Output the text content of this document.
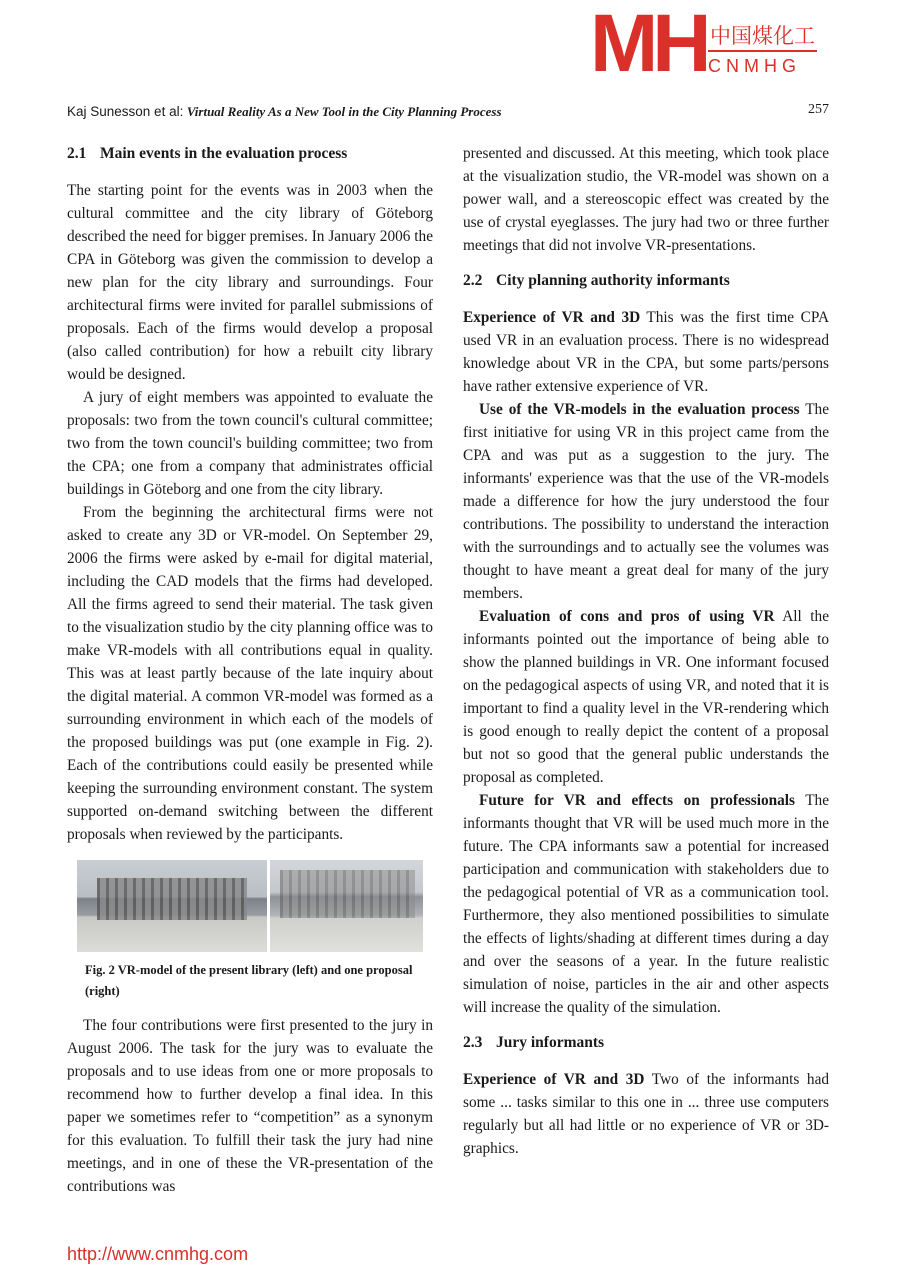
Kaj Sunesson et al: Virtual Reality As a New Tool in the City Planning Process	257
2.1 Main events in the evaluation process

The starting point for the events was in 2003 when the cultural committee and the city library of Göteborg described the need for bigger premises. In January 2006 the CPA in Göteborg was given the commission to develop a new plan for the city library and surroundings. Four architectural firms were invited for parallel submissions of proposals. Each of the firms would develop a proposal (also called contribution) for how a rebuilt city library would be designed.

A jury of eight members was appointed to evaluate the proposals: two from the town council's cultural committee; two from the town council's building committee; two from the CPA; one from a company that administrates official buildings in Göteborg and one from the city library.

From the beginning the architectural firms were not asked to create any 3D or VR-model. On September 29, 2006 the firms were asked by e-mail for digital material, including the CAD models that the firms had developed. All the firms agreed to send their material. The task given to the visualization studio by the city planning office was to make VR-models with all contributions equal in quality. This was at least partly because of the late inquiry about the digital material. A common VR-model was formed as a surrounding environment in which each of the models of the proposed buildings was put (one example in Fig. 2). Each of the contributions could easily be presented while keeping the surrounding environment constant. The system supported on-demand switching between the different proposals when reviewed by the participants.

Fig. 2 VR-model of the present library (left) and one proposal (right)

The four contributions were first presented to the jury in August 2006. The task for the jury was to evaluate the proposals and to use ideas from one or more proposals to recommend how to further develop a final idea. In this paper we sometimes refer to “competition” as a synonym for this evaluation. To fulfill their task the jury had nine meetings, and in one of these the VR-presentation of the contributions was

presented and discussed. At this meeting, which took place at the visualization studio, the VR-model was shown on a power wall, and a stereoscopic effect was created by the use of crystal eyeglasses. The jury had two or three further meetings that did not involve VR-presentations.

2.2 City planning authority informants

Experience of VR and 3D This was the first time CPA used VR in an evaluation process. There is no widespread knowledge about VR in the CPA, but some parts/persons have rather extensive experience of VR.

Use of the VR-models in the evaluation process The first initiative for using VR in this project came from the CPA and was put as a suggestion to the jury. The informants' experience was that the use of the VR-models made a difference for how the jury understood the four contributions. The possibility to understand the interaction with the surroundings and to actually see the volumes was thought to have meant a great deal for many of the jury members.

Evaluation of cons and pros of using VR All the informants pointed out the importance of being able to show the planned buildings in VR. One informant focused on the pedagogical aspects of using VR, and noted that it is important to find a quality level in the VR-rendering which is good enough to really depict the content of a proposal but not so good that the general public understands the proposal as completed.

Future for VR and effects on professionals The informants thought that VR will be used much more in the future. The CPA informants saw a potential for increased participation and communication with stakeholders due to the pedagogical potential of VR as a communication tool. Furthermore, they also mentioned possibilities to simulate the effects of lights/shading at different times during a day and over the seasons of a year. In the future realistic simulation of noise, particles in the air and other aspects will increase the quality of the simulation.

2.3 Jury informants

Experience of VR and 3D Two of the informants had some ... tasks similar to this one in ... three use computers regularly but all had little or no experience of VR or 3D-graphics.

http://www.cnmhg.com
MH 中国煤化工
CNMHG
